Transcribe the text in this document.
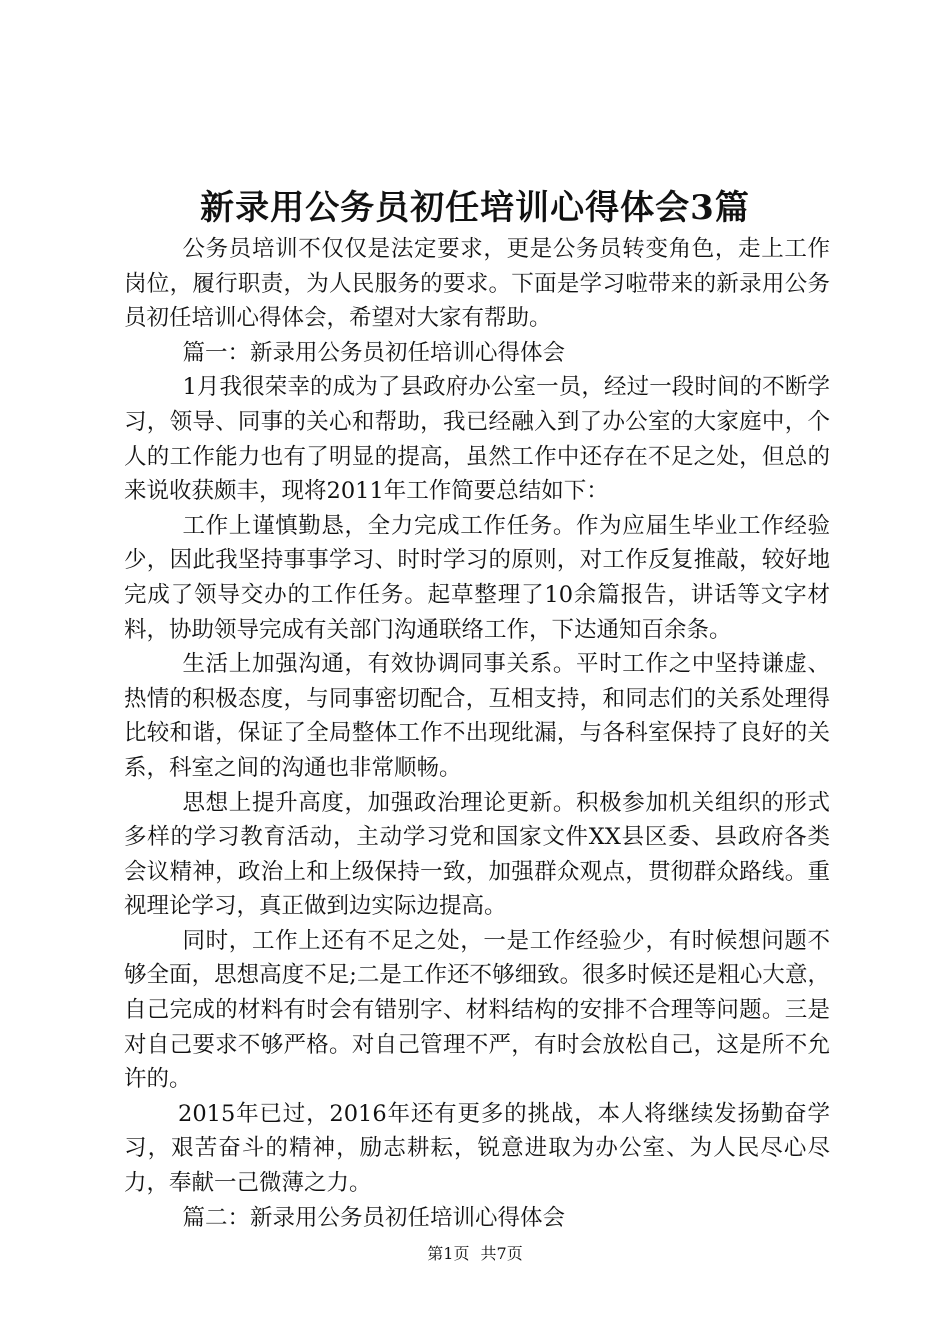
新录用公务员初任培训心得体会3篇

公务员培训不仅仅是法定要求，更是公务员转变角色，走上工作岗位，履行职责，为人民服务的要求。下面是学习啦带来的新录用公务员初任培训心得体会，希望对大家有帮助。

篇一：新录用公务员初任培训心得体会

1月我很荣幸的成为了县政府办公室一员，经过一段时间的不断学习，领导、同事的关心和帮助，我已经融入到了办公室的大家庭中，个人的工作能力也有了明显的提高，虽然工作中还存在不足之处，但总的来说收获颇丰，现将2011年工作简要总结如下：

工作上谨慎勤恳，全力完成工作任务。作为应届生毕业工作经验少，因此我坚持事事学习、时时学习的原则，对工作反复推敲，较好地完成了领导交办的工作任务。起草整理了10余篇报告，讲话等文字材料，协助领导完成有关部门沟通联络工作，下达通知百余条。

生活上加强沟通，有效协调同事关系。平时工作之中坚持谦虚、热情的积极态度，与同事密切配合，互相支持，和同志们的关系处理得比较和谐，保证了全局整体工作不出现纰漏，与各科室保持了良好的关系，科室之间的沟通也非常顺畅。

思想上提升高度，加强政治理论更新。积极参加机关组织的形式多样的学习教育活动，主动学习党和国家文件XX县区委、县政府各类会议精神，政治上和上级保持一致，加强群众观点，贯彻群众路线。重视理论学习，真正做到边实际边提高。

同时，工作上还有不足之处，一是工作经验少，有时候想问题不够全面，思想高度不足;二是工作还不够细致。很多时候还是粗心大意，自己完成的材料有时会有错别字、材料结构的安排不合理等问题。三是对自己要求不够严格。对自己管理不严，有时会放松自己，这是所不允许的。

2015年已过，2016年还有更多的挑战，本人将继续发扬勤奋学习，艰苦奋斗的精神，励志耕耘，锐意进取为办公室、为人民尽心尽力，奉献一己微薄之力。

篇二：新录用公务员初任培训心得体会

第1页 共7页
